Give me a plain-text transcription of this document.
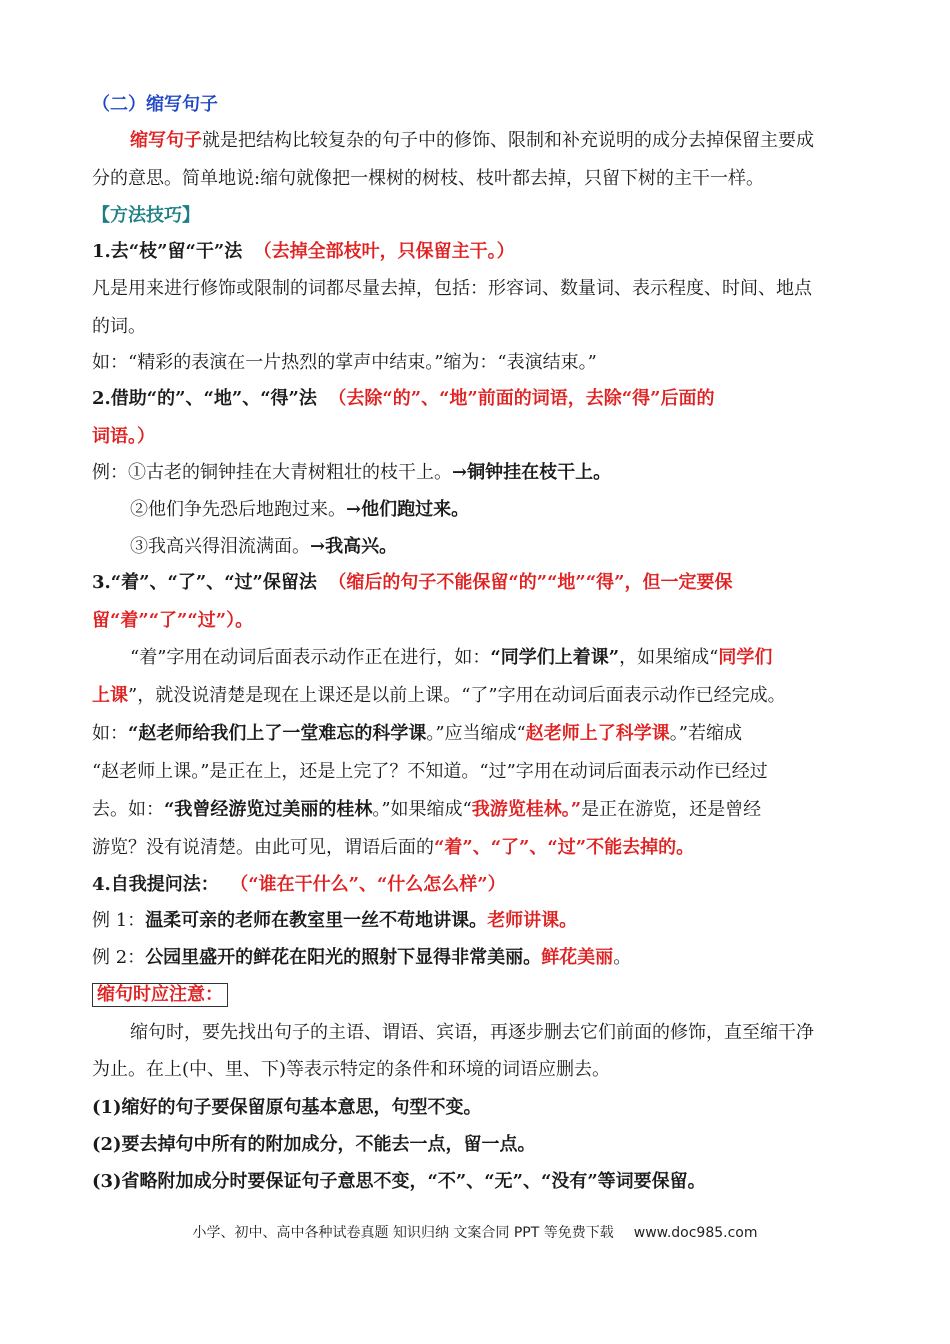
（二）缩写句子
缩写句子就是把结构比较复杂的句子中的修饰、限制和补充说明的成分去掉保留主要成
分的意思。简单地说:缩句就像把一棵树的树枝、枝叶都去掉，只留下树的主干一样。
【方法技巧】
1.去“枝”留“干”法 （去掉全部枝叶，只保留主干。）
凡是用来进行修饰或限制的词都尽量去掉，包括：形容词、数量词、表示程度、时间、地点
的词。
如：“精彩的表演在一片热烈的掌声中结束。”缩为：“表演结束。”
2.借助“的”、“地”、“得”法 （去除“的”、“地”前面的词语，去除“得”后面的
词语。）
例：①古老的铜钟挂在大青树粗壮的枝干上。→铜钟挂在枝干上。
②他们争先恐后地跑过来。→他们跑过来。
③我高兴得泪流满面。→我高兴。
3.“着”、“了”、“过”保留法 （缩后的句子不能保留“的”“地”“得”，但一定要保
留“着”“了”“过”）。
“着”字用在动词后面表示动作正在进行，如：“同学们上着课”，如果缩成“同学们
上课”，就没说清楚是现在上课还是以前上课。“了”字用在动词后面表示动作已经完成。
如：“赵老师给我们上了一堂难忘的科学课。”应当缩成“赵老师上了科学课。”若缩成
“赵老师上课。”是正在上，还是上完了？不知道。“过”字用在动词后面表示动作已经过
去。如：“我曾经游览过美丽的桂林。”如果缩成“我游览桂林。”是正在游览，还是曾经
游览？没有说清楚。由此可见，谓语后面的“着”、“了”、“过”不能去掉的。
4.自我提问法： （“谁在干什么”、“什么怎么样”）
例 1：温柔可亲的老师在教室里一丝不苟地讲课。老师讲课。
例 2：公园里盛开的鲜花在阳光的照射下显得非常美丽。鲜花美丽。
缩句时应注意：
缩句时，要先找出句子的主语、谓语、宾语，再逐步删去它们前面的修饰，直至缩干净
为止。在上(中、里、下)等表示特定的条件和环境的词语应删去。
(1)缩好的句子要保留原句基本意思，句型不变。
(2)要去掉句中所有的附加成分，不能去一点，留一点。
(3)省略附加成分时要保证句子意思不变，“不”、“无”、“没有”等词要保留。
小学、初中、高中各种试卷真题 知识归纳 文案合同 PPT 等免费下载 www.doc985.com
